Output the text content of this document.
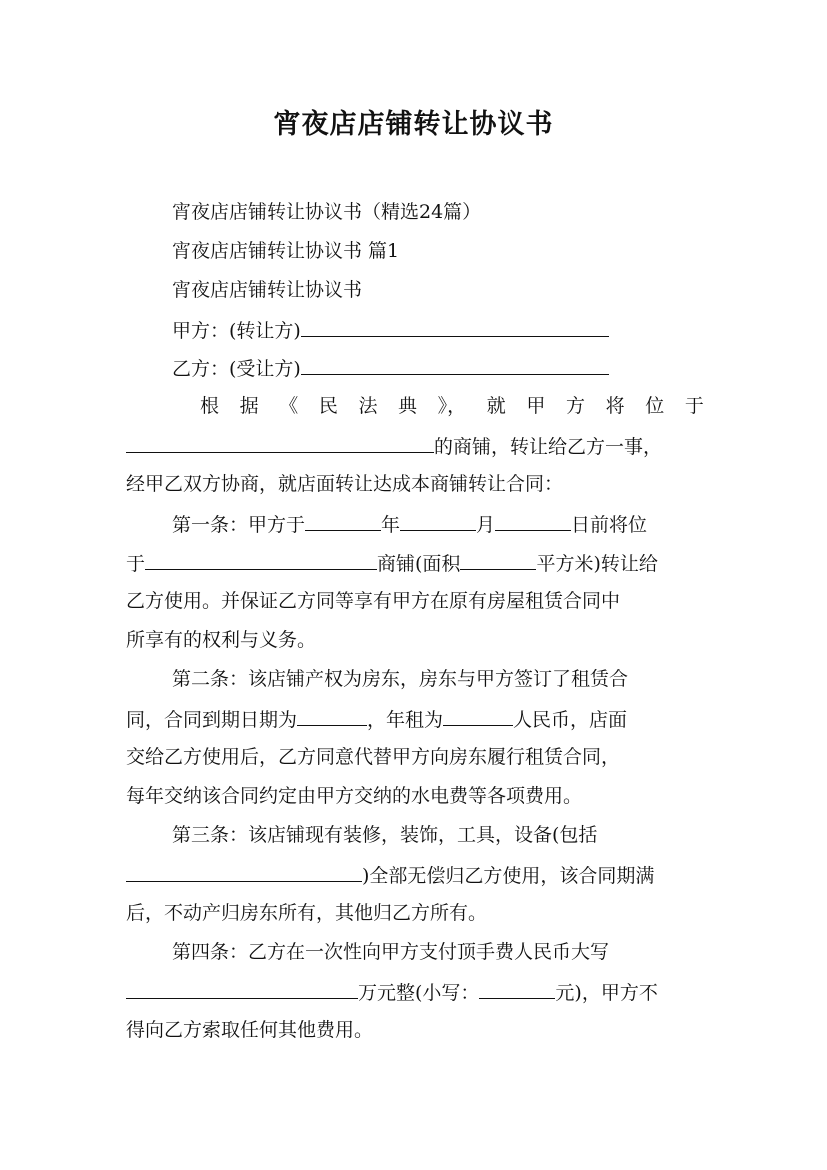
宵夜店店铺转让协议书

宵夜店店铺转让协议书（精选24篇）

宵夜店店铺转让协议书 篇1

宵夜店店铺转让协议书

甲方：(转让方)

乙方：(受让方)

根 据 《 民 法 典 》， 就 甲 方 将 位 于

的商铺，转让给乙方一事，

经甲乙双方协商，就店面转让达成本商铺转让合同：

第一条：甲方于	年	月	日前将位

于	商铺(面积	平方米)转让给

乙方使用。并保证乙方同等享有甲方在原有房屋租赁合同中

所享有的权利与义务。

第二条：该店铺产权为房东，房东与甲方签订了租赁合

同，合同到期日期为	，年租为	人民币，店面

交给乙方使用后，乙方同意代替甲方向房东履行租赁合同，

每年交纳该合同约定由甲方交纳的水电费等各项费用。

第三条：该店铺现有装修，装饰，工具，设备(包括

)全部无偿归乙方使用，该合同期满

后，不动产归房东所有，其他归乙方所有。

第四条：乙方在一次性向甲方支付顶手费人民币大写

万元整(小写：	元)，甲方不

得向乙方索取任何其他费用。
